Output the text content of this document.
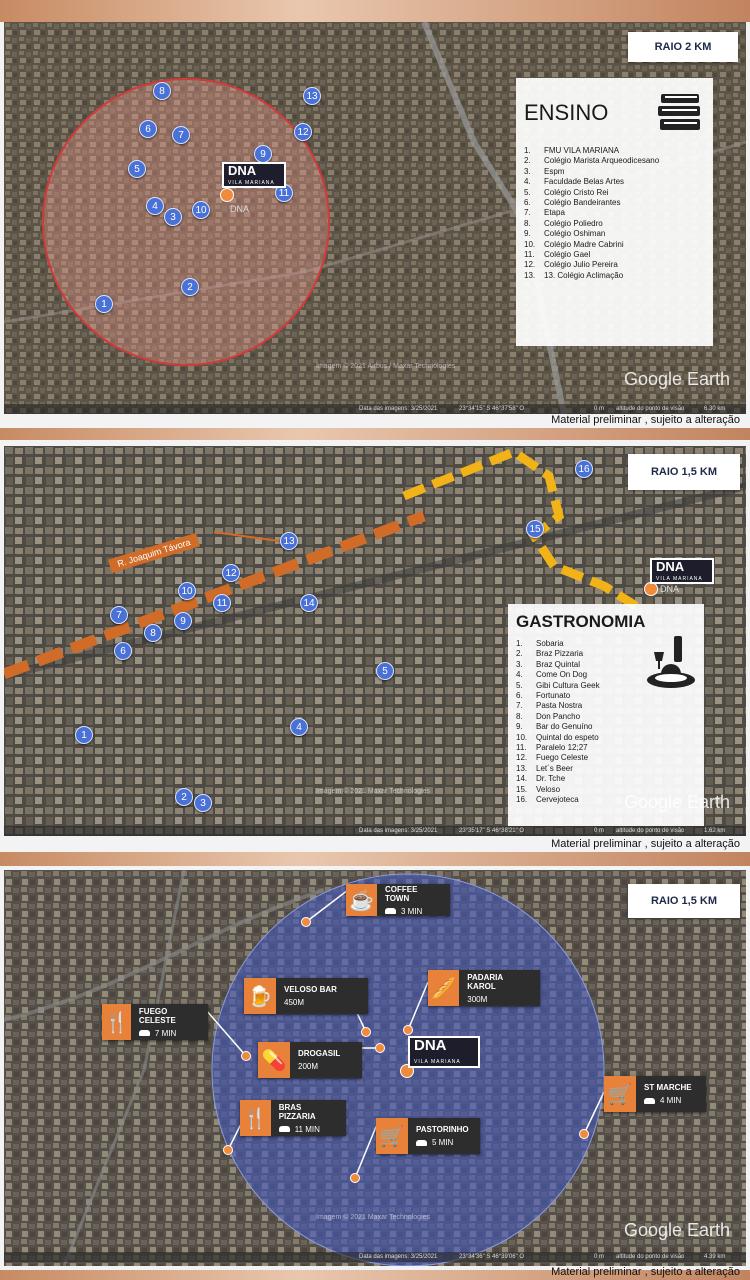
RAIO 2 KM
1
2
3
4
5
6
7
8
9
10
11
12
13
DNA
VILA MARIANA
DNA
ENSINO
1. FMU VILA MARIANA
2. Colégio Marista Arqueodicesano
3. Espm
4. Faculdade Belas Artes
5. Colégio Cristo Rei
6. Colégio Bandeirantes
7. Etapa
8. Colégio Poliedro
9. Colégio Oshiman
10. Colégio Madre Cabrini
11. Colégio Gael
12. Colégio Julio Pereira
13. 13. Colégio Aclimação
Imagem © 2021 Airbus / Maxar Technologies
Google Earth
Data das imagens: 3/25/2021	23°34'15" S 46°37'58" O	0 m altitude do ponto de visão	6.30 km
Material preliminar , sujeito a alteração
RAIO 1,5 KM
R. Joaquim Távora
1
2
3
4
5
6
7
8
9
10
11
12
13
14
15
16
DNA
VILA MARIANA
DNA
GASTRONOMIA
1. Sobaria
2. Braz Pizzaria
3. Braz Quintal
4. Come On Dog
5. Gibi Cultura Geek
6. Fortunato
7. Pasta Nostra
8. Don Pancho
9. Bar do Genuíno
10. Quintal do espeto
11. Paralelo 12;27
12. Fuego Celeste
13. Let´s Beer
14. Dr. Tche
15. Veloso
16. Cervejoteca
Imagem © 2021 Maxar Technologies
Google Earth
Data das imagens: 3/25/2021	23°35'17" S 46°38'21" O	0 m altitude do ponto de visão	1.62 km
Material preliminar , sujeito a alteração
RAIO 1,5 KM
DNA
VILA MARIANA
☕
COFFEE TOWN
3 MIN
🍺	VELOSO BAR
450M
🥖
PADARIA KAROL
300M
🍴
FUEGO CELESTE
7 MIN
💊	DROGASIL
200M
🛒	ST MARCHE
4 MIN
🍴
BRAS PIZZARIA
11 MIN	🛒	PASTORINHO
5 MIN
Imagem © 2021 Maxar Technologies
Google Earth
Data das imagens: 3/25/2021	23°34'36" S 46°39'06" O	0 m altitude do ponto de visão	4.39 km
Material preliminar , sujeito a alteração
